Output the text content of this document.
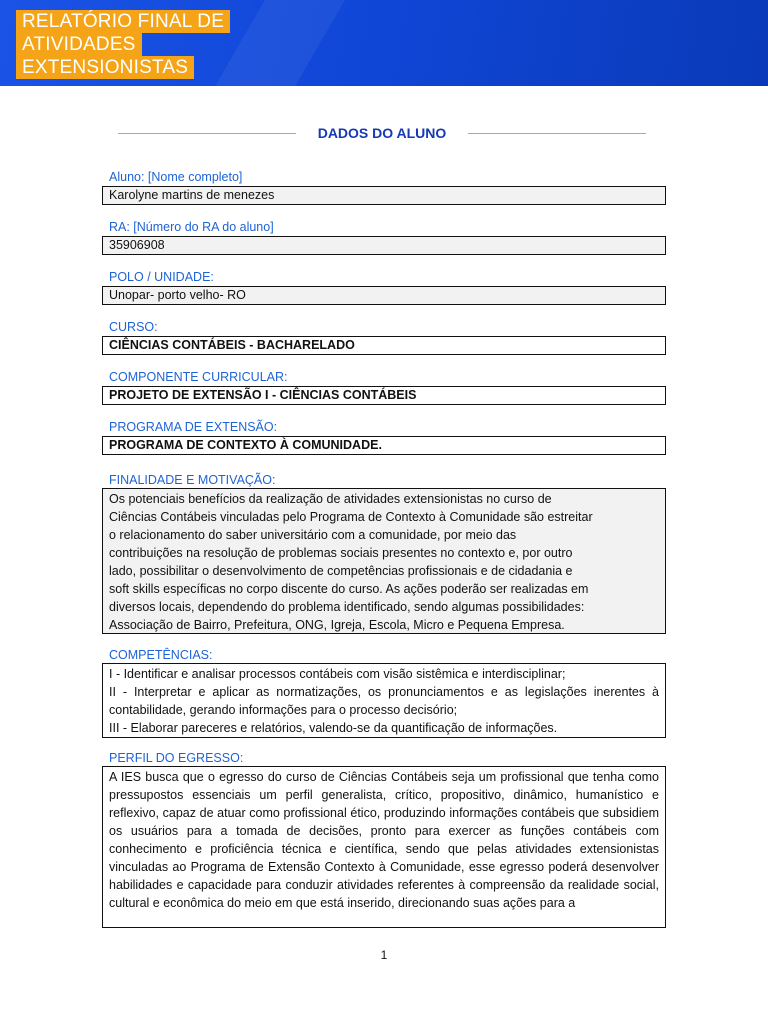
RELATÓRIO FINAL DE
ATIVIDADES
EXTENSIONISTAS
DADOS DO ALUNO
Aluno: [Nome completo]
Karolyne martins de menezes
RA: [Número do RA do aluno]
35906908
POLO / UNIDADE:
Unopar- porto velho- RO
CURSO:
CIÊNCIAS CONTÁBEIS - BACHARELADO
COMPONENTE CURRICULAR:
PROJETO DE EXTENSÃO I - CIÊNCIAS CONTÁBEIS
PROGRAMA DE EXTENSÃO:
PROGRAMA DE CONTEXTO À COMUNIDADE.
FINALIDADE E MOTIVAÇÃO:
Os potenciais benefícios da realização de atividades extensionistas no curso de
Ciências Contábeis vinculadas pelo Programa de Contexto à Comunidade são estreitar
o relacionamento do saber universitário com a comunidade, por meio das
contribuições na resolução de problemas sociais presentes no contexto e, por outro
lado, possibilitar o desenvolvimento de competências profissionais e de cidadania e
soft skills específicas no corpo discente do curso. As ações poderão ser realizadas em
diversos locais, dependendo do problema identificado, sendo algumas possibilidades:
Associação de Bairro, Prefeitura, ONG, Igreja, Escola, Micro e Pequena Empresa.
COMPETÊNCIAS:
I - Identificar e analisar processos contábeis com visão sistêmica e interdisciplinar;
II - Interpretar e aplicar as normatizações, os pronunciamentos e as legislações inerentes à contabilidade, gerando informações para o processo decisório;
III - Elaborar pareceres e relatórios, valendo-se da quantificação de informações.
PERFIL DO EGRESSO:
A IES busca que o egresso do curso de Ciências Contábeis seja um profissional que tenha como pressupostos essenciais um perfil generalista, crítico, propositivo, dinâmico, humanístico e reflexivo, capaz de atuar como profissional ético, produzindo informações contábeis que subsidiem os usuários para a tomada de decisões, pronto para exercer as funções contábeis com conhecimento e proficiência técnica e científica, sendo que pelas atividades extensionistas vinculadas ao Programa de Extensão Contexto à Comunidade, esse egresso poderá desenvolver habilidades e capacidade para conduzir atividades referentes à compreensão da realidade social, cultural e econômica do meio em que está inserido, direcionando suas ações para a
1
